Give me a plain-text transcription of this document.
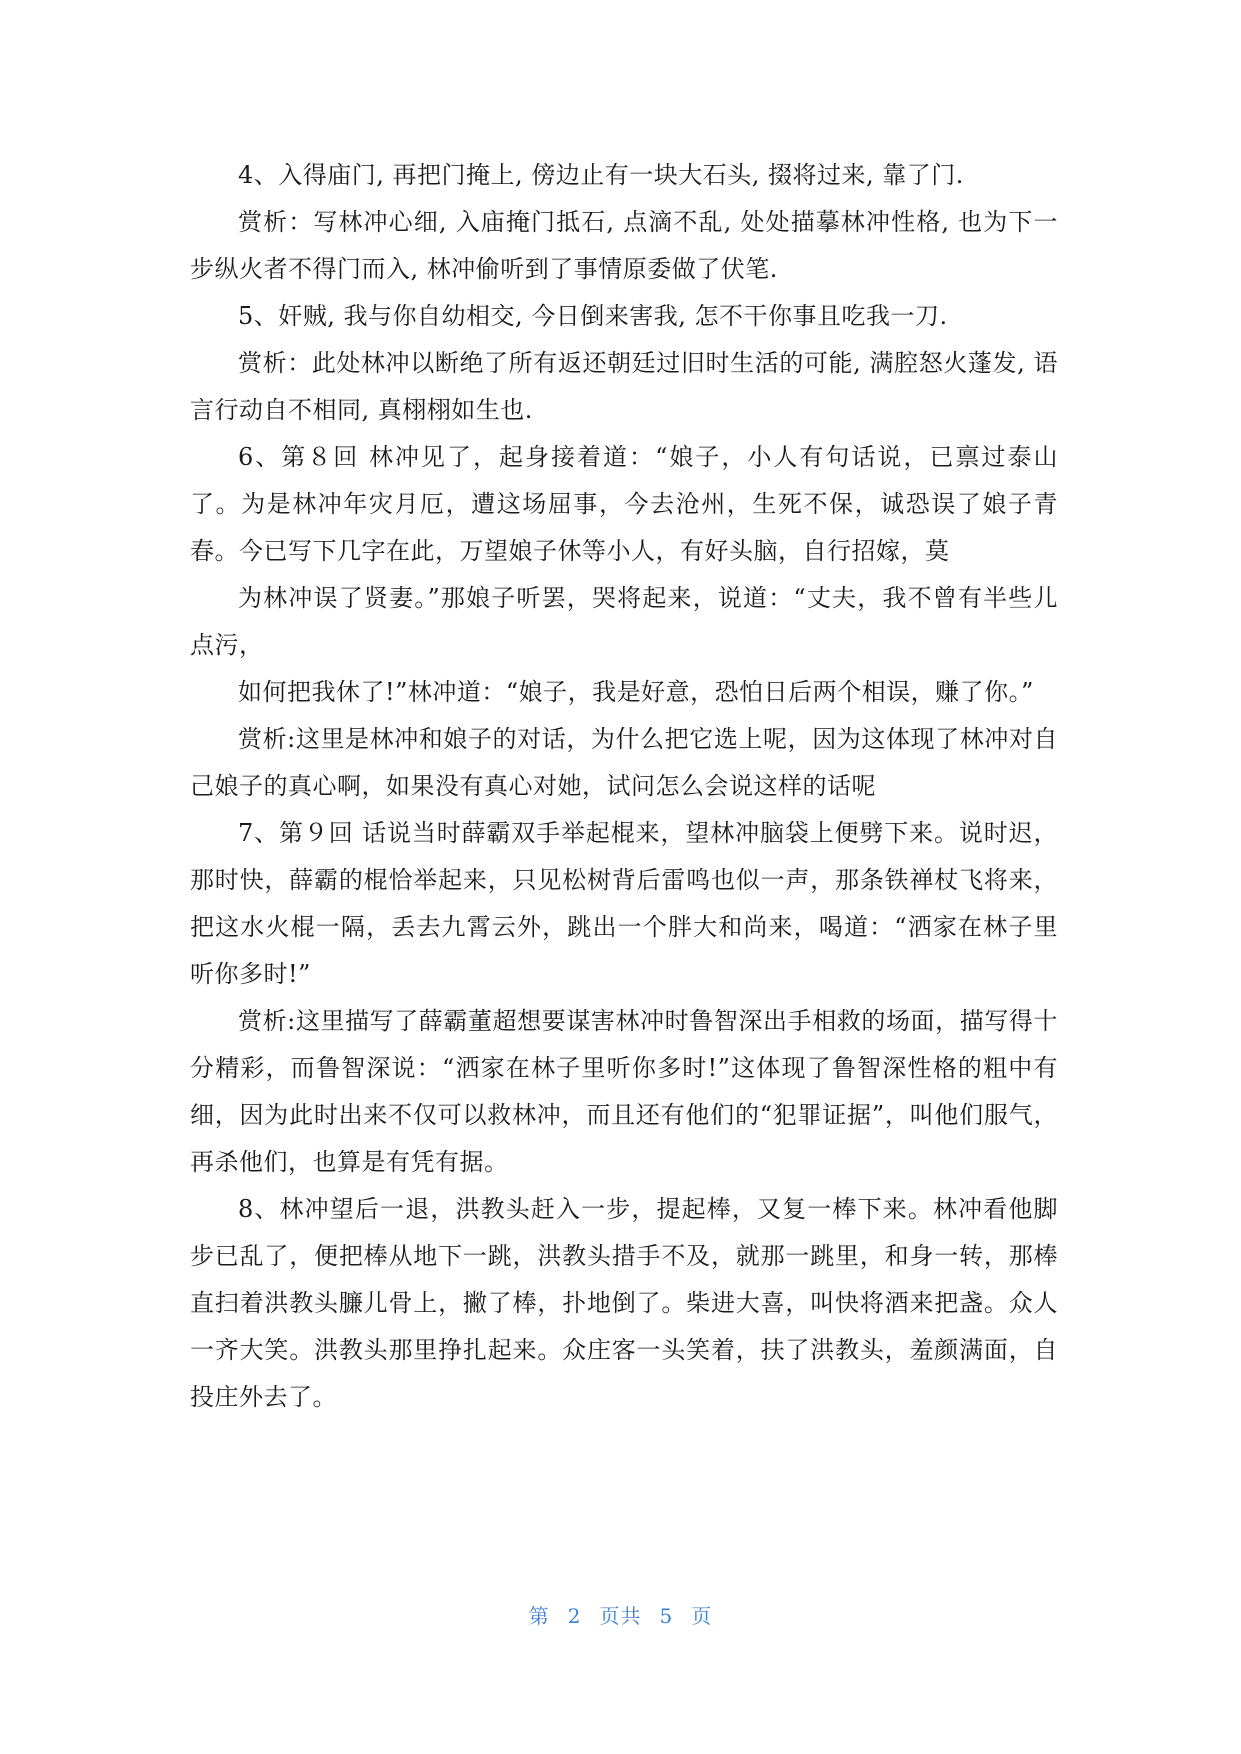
4、入得庙门, 再把门掩上, 傍边止有一块大石头, 掇将过来, 靠了门.

赏析：写林冲心细, 入庙掩门抵石, 点滴不乱, 处处描摹林冲性格, 也为下一步纵火者不得门而入, 林冲偷听到了事情原委做了伏笔.

5、奸贼, 我与你自幼相交, 今日倒来害我, 怎不干你事且吃我一刀.

赏析：此处林冲以断绝了所有返还朝廷过旧时生活的可能, 满腔怒火蓬发, 语言行动自不相同, 真栩栩如生也.

6、第８回 林冲见了，起身接着道：“娘子，小人有句话说，已禀过泰山了。为是林冲年灾月厄，遭这场屈事，今去沧州，生死不保，诚恐误了娘子青春。今已写下几字在此，万望娘子休等小人，有好头脑，自行招嫁，莫

为林冲误了贤妻。”那娘子听罢，哭将起来，说道：“丈夫，我不曾有半些儿点污，

如何把我休了!”林冲道：“娘子，我是好意，恐怕日后两个相误，赚了你。”

赏析:这里是林冲和娘子的对话，为什么把它选上呢，因为这体现了林冲对自己娘子的真心啊，如果没有真心对她，试问怎么会说这样的话呢

7、第９回 话说当时薛霸双手举起棍来，望林冲脑袋上便劈下来。说时迟，那时快，薛霸的棍恰举起来，只见松树背后雷鸣也似一声，那条铁禅杖飞将来，把这水火棍一隔，丢去九霄云外，跳出一个胖大和尚来，喝道：“洒家在林子里听你多时!”

赏析:这里描写了薛霸董超想要谋害林冲时鲁智深出手相救的场面，描写得十分精彩，而鲁智深说：“洒家在林子里听你多时!”这体现了鲁智深性格的粗中有细，因为此时出来不仅可以救林冲，而且还有他们的“犯罪证据”，叫他们服气，再杀他们，也算是有凭有据。

8、林冲望后一退，洪教头赶入一步，提起棒，又复一棒下来。林冲看他脚步已乱了，便把棒从地下一跳，洪教头措手不及，就那一跳里，和身一转，那棒直扫着洪教头臁儿骨上，撇了棒，扑地倒了。柴进大喜，叫快将酒来把盏。众人一齐大笑。洪教头那里挣扎起来。众庄客一头笑着，扶了洪教头，羞颜满面，自投庄外去了。

第 2 页共 5 页
